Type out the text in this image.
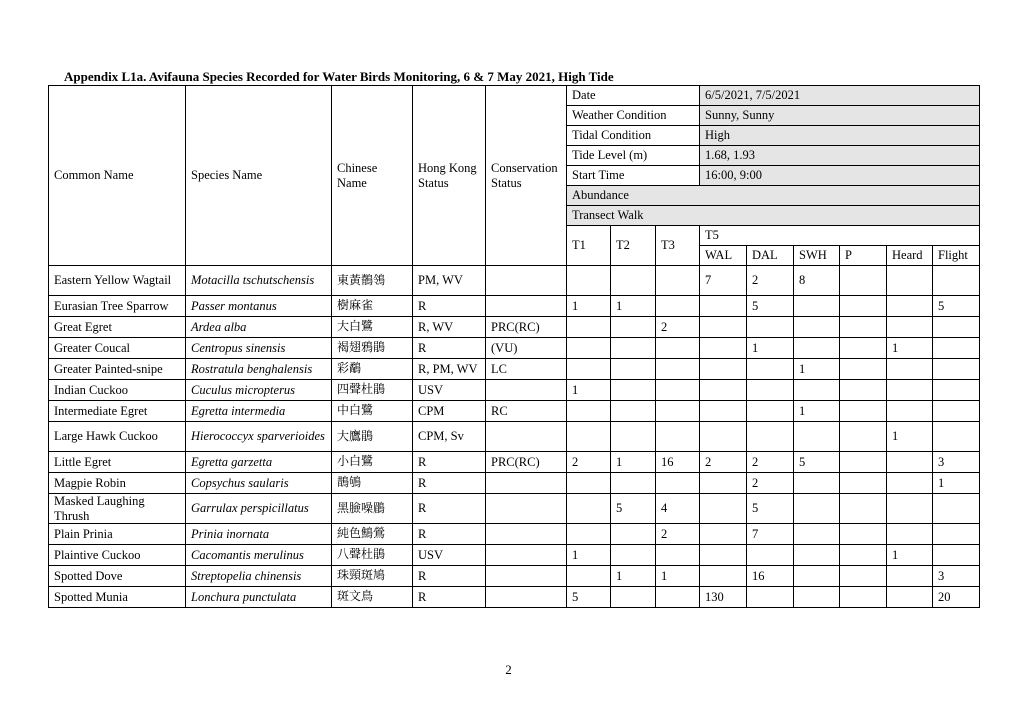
Appendix L1a. Avifauna Species Recorded for Water Birds Monitoring, 6 & 7 May 2021, High Tide
Common Name	Species Name	Chinese Name	Hong Kong Status	Conservation Status	Date			6/5/2021, 7/5/2021					
					Weather Condition			Sunny, Sunny					
					Tidal Condition			High					
					Tide Level (m)			1.68, 1.93					
					Start Time			16:00, 9:00					
					Abundance								
					Transect Walk								
					T1	T2	T3	T5					
								WAL	DAL	SWH	P	Heard	Flight
Eastern Yellow Wagtail	Motacilla tschutschensis	東黃鶺鴒	PM, WV					7	2	8			
Eurasian Tree Sparrow	Passer montanus	樹麻雀	R		1	1			5				5
Great Egret	Ardea alba	大白鷺	R, WV	PRC(RC)			2						
Greater Coucal	Centropus sinensis	褐翅鴉鵑	R	(VU)					1			1	
Greater Painted-snipe	Rostratula benghalensis	彩鷸	R, PM, WV	LC						1			
Indian Cuckoo	Cuculus micropterus	四聲杜鵑	USV		1								
Intermediate Egret	Egretta intermedia	中白鷺	CPM	RC						1			
Large Hawk Cuckoo	Hierococcyx sparverioides	大鷹鵑	CPM, Sv									1	
Little Egret	Egretta garzetta	小白鷺	R	PRC(RC)	2	1	16	2	2	5			3
Magpie Robin	Copsychus saularis	鵲鴝	R						2				1
Masked Laughing Thrush	Garrulax perspicillatus	黑臉噪鶥	R			5	4		5				
Plain Prinia	Prinia inornata	純色鷦鶯	R				2		7				
Plaintive Cuckoo	Cacomantis merulinus	八聲杜鵑	USV		1							1	
Spotted Dove	Streptopelia chinensis	珠頸斑鳩	R			1	1		16				3
Spotted Munia	Lonchura punctulata	斑文鳥	R		5			130					20
2
